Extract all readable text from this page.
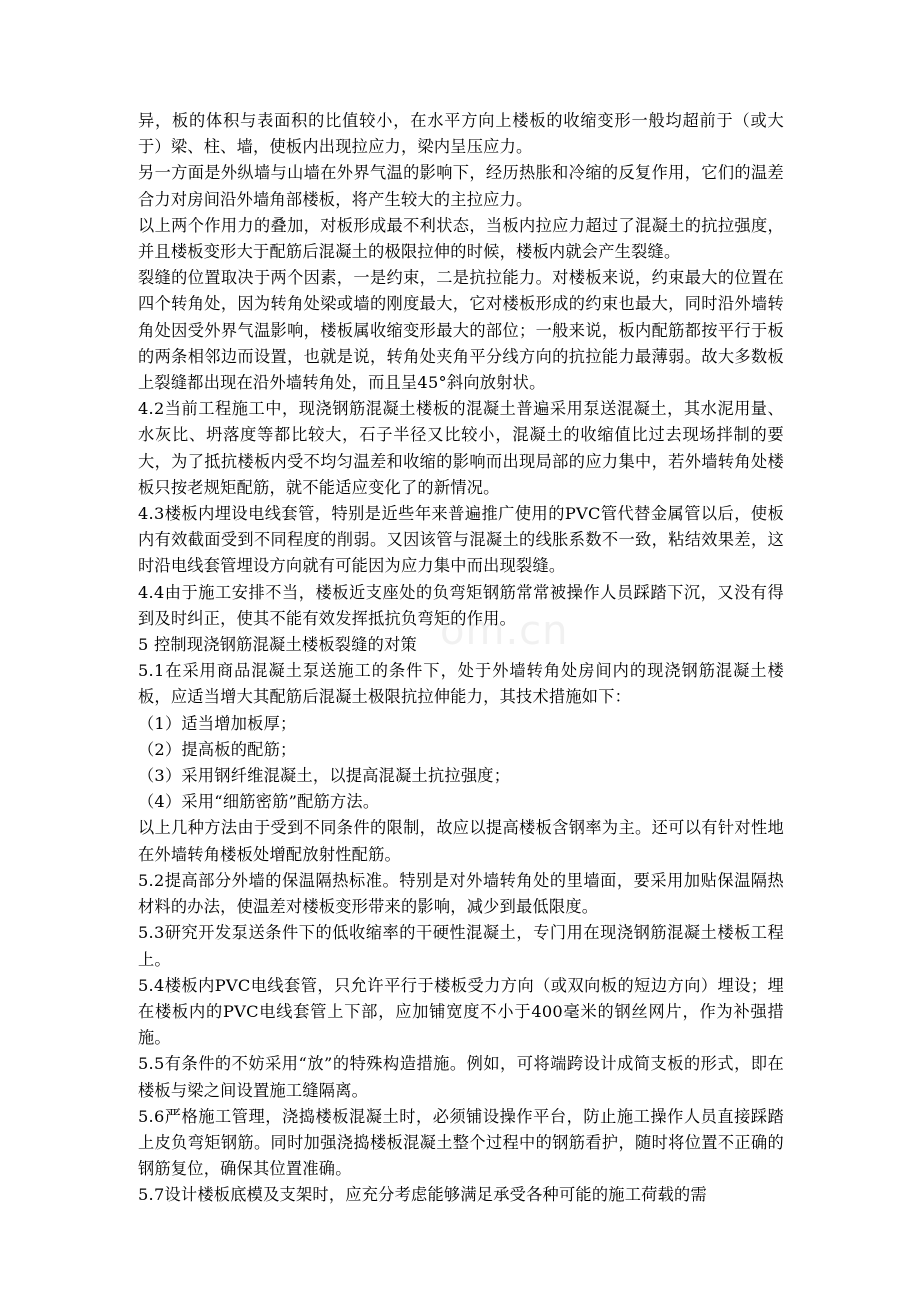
om.cn

异，板的体积与表面积的比值较小，在水平方向上楼板的收缩变形一般均超前于（或大于）梁、柱、墙，使板内出现拉应力，梁内呈压应力。

另一方面是外纵墙与山墙在外界气温的影响下，经历热胀和冷缩的反复作用，它们的温差合力对房间沿外墙角部楼板，将产生较大的主拉应力。

以上两个作用力的叠加，对板形成最不利状态，当板内拉应力超过了混凝土的抗拉强度，并且楼板变形大于配筋后混凝土的极限拉伸的时候，楼板内就会产生裂缝。

裂缝的位置取决于两个因素，一是约束，二是抗拉能力。对楼板来说，约束最大的位置在四个转角处，因为转角处梁或墙的刚度最大，它对楼板形成的约束也最大，同时沿外墙转角处因受外界气温影响，楼板属收缩变形最大的部位；一般来说，板内配筋都按平行于板的两条相邻边而设置，也就是说，转角处夹角平分线方向的抗拉能力最薄弱。故大多数板上裂缝都出现在沿外墙转角处，而且呈45°斜向放射状。

4.2当前工程施工中，现浇钢筋混凝土楼板的混凝土普遍采用泵送混凝土，其水泥用量、水灰比、坍落度等都比较大，石子半径又比较小，混凝土的收缩值比过去现场拌制的要大，为了抵抗楼板内受不均匀温差和收缩的影响而出现局部的应力集中，若外墙转角处楼板只按老规矩配筋，就不能适应变化了的新情况。

4.3楼板内埋设电线套管，特别是近些年来普遍推广使用的PVC管代替金属管以后，使板内有效截面受到不同程度的削弱。又因该管与混凝土的线胀系数不一致，粘结效果差，这时沿电线套管埋设方向就有可能因为应力集中而出现裂缝。

4.4由于施工安排不当，楼板近支座处的负弯矩钢筋常常被操作人员踩踏下沉，又没有得到及时纠正，使其不能有效发挥抵抗负弯矩的作用。

5 控制现浇钢筋混凝土楼板裂缝的对策

5.1在采用商品混凝土泵送施工的条件下，处于外墙转角处房间内的现浇钢筋混凝土楼板，应适当增大其配筋后混凝土极限抗拉伸能力，其技术措施如下：

（1）适当增加板厚；

（2）提高板的配筋；

（3）采用钢纤维混凝土，以提高混凝土抗拉强度；

（4）采用“细筋密筋”配筋方法。

以上几种方法由于受到不同条件的限制，故应以提高楼板含钢率为主。还可以有针对性地在外墙转角楼板处增配放射性配筋。

5.2提高部分外墙的保温隔热标准。特别是对外墙转角处的里墙面，要采用加贴保温隔热材料的办法，使温差对楼板变形带来的影响，减少到最低限度。

5.3研究开发泵送条件下的低收缩率的干硬性混凝土，专门用在现浇钢筋混凝土楼板工程上。

5.4楼板内PVC电线套管，只允许平行于楼板受力方向（或双向板的短边方向）埋设；埋在楼板内的PVC电线套管上下部，应加铺宽度不小于400毫米的钢丝网片，作为补强措施。

5.5有条件的不妨采用“放”的特殊构造措施。例如，可将端跨设计成简支板的形式，即在楼板与梁之间设置施工缝隔离。

5.6严格施工管理，浇捣楼板混凝土时，必须铺设操作平台，防止施工操作人员直接踩踏上皮负弯矩钢筋。同时加强浇捣楼板混凝土整个过程中的钢筋看护，随时将位置不正确的钢筋复位，确保其位置准确。

5.7设计楼板底模及支架时，应充分考虑能够满足承受各种可能的施工荷载的需
